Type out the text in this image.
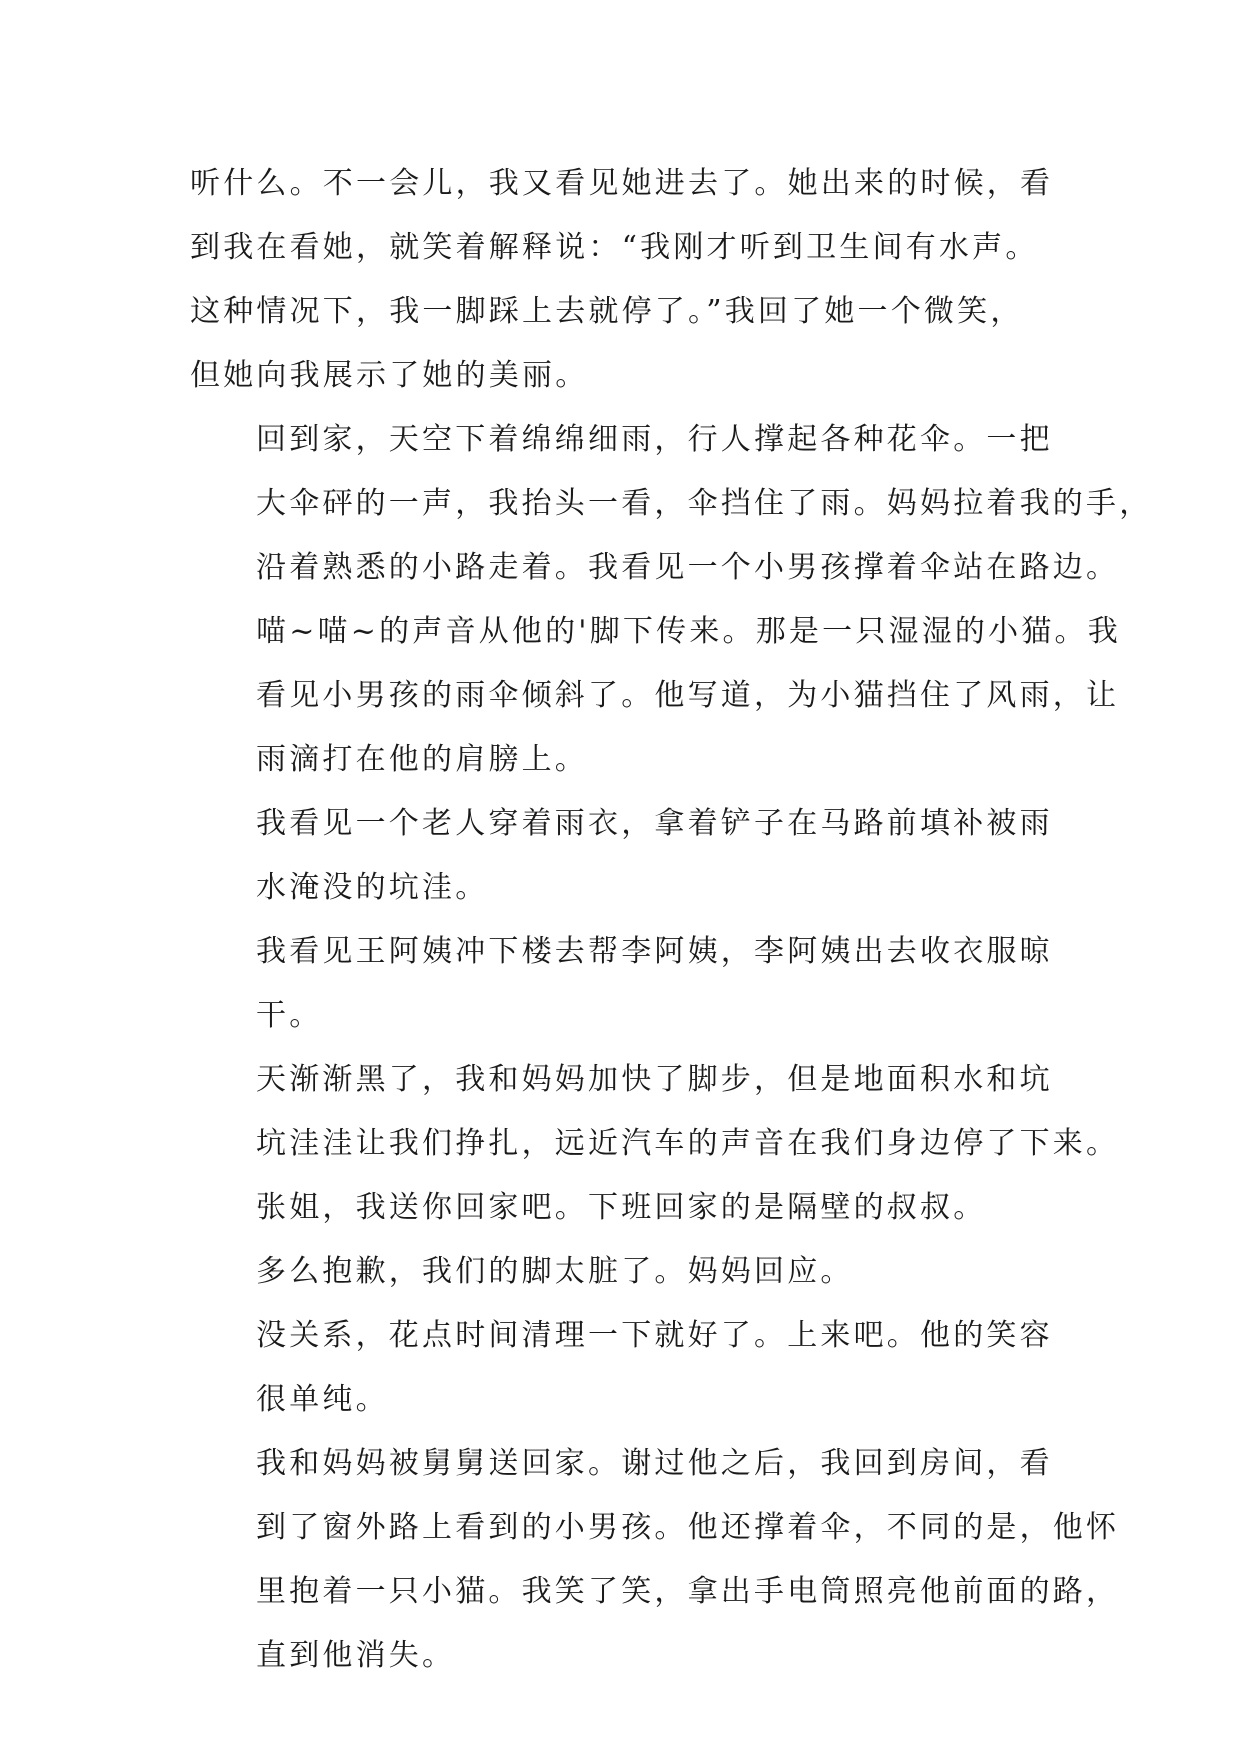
听什么。不一会儿，我又看见她进去了。她出来的时候，看
到我在看她，就笑着解释说：“我刚才听到卫生间有水声。
这种情况下，我一脚踩上去就停了。”我回了她一个微笑，
但她向我展示了她的美丽。

回到家，天空下着绵绵细雨，行人撑起各种花伞。一把
大伞砰的一声，我抬头一看，伞挡住了雨。妈妈拉着我的手，
沿着熟悉的小路走着。我看见一个小男孩撑着伞站在路边。
喵~喵~的声音从他的'脚下传来。那是一只湿湿的小猫。我
看见小男孩的雨伞倾斜了。他写道，为小猫挡住了风雨，让
雨滴打在他的肩膀上。

我看见一个老人穿着雨衣，拿着铲子在马路前填补被雨
水淹没的坑洼。

我看见王阿姨冲下楼去帮李阿姨，李阿姨出去收衣服晾
干。

天渐渐黑了，我和妈妈加快了脚步，但是地面积水和坑
坑洼洼让我们挣扎，远近汽车的声音在我们身边停了下来。

张姐，我送你回家吧。下班回家的是隔壁的叔叔。

多么抱歉，我们的脚太脏了。妈妈回应。

没关系，花点时间清理一下就好了。上来吧。他的笑容
很单纯。

我和妈妈被舅舅送回家。谢过他之后，我回到房间，看
到了窗外路上看到的小男孩。他还撑着伞，不同的是，他怀
里抱着一只小猫。我笑了笑，拿出手电筒照亮他前面的路，
直到他消失。
